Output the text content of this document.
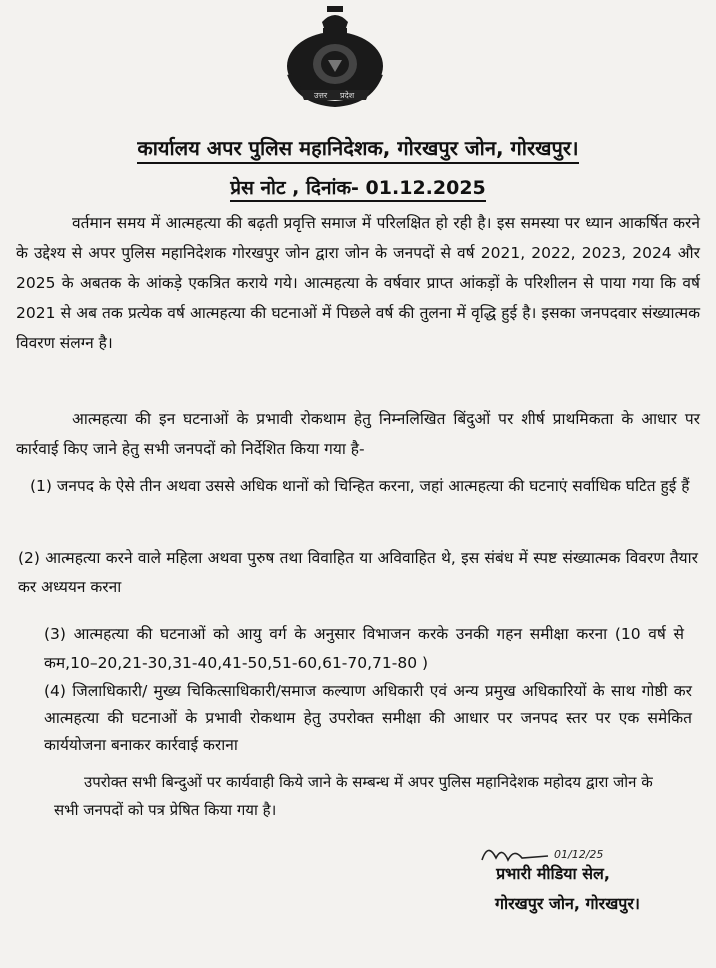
उत्तर प्रदेश
कार्यालय अपर पुलिस महानिदेशक, गोरखपुर जोन, गोरखपुर।
प्रेस नोट , दिनांक- 01.12.2025
वर्तमान समय में आत्महत्या की बढ़ती प्रवृत्ति समाज में परिलक्षित हो रही है। इस समस्या पर ध्यान आकर्षित करने के उद्देश्य से अपर पुलिस महानिदेशक गोरखपुर जोन द्वारा जोन के जनपदों से वर्ष 2021, 2022, 2023, 2024 और 2025 के अबतक के आंकड़े एकत्रित कराये गये। आत्महत्या के वर्षवार प्राप्त आंकड़ों के परिशीलन से पाया गया कि वर्ष 2021 से अब तक प्रत्येक वर्ष आत्महत्या की घटनाओं में पिछले वर्ष की तुलना में वृद्धि हुई है। इसका जनपदवार संख्यात्मक विवरण संलग्न है।
आत्महत्या की इन घटनाओं के प्रभावी रोकथाम हेतु निम्नलिखित बिंदुओं पर शीर्ष प्राथमिकता के आधार पर कार्रवाई किए जाने हेतु सभी जनपदों को निर्देशित किया गया है-
(1) जनपद के ऐसे तीन अथवा उससे अधिक थानों को चिन्हित करना, जहां आत्महत्या की घटनाएं सर्वाधिक घटित हुई हैं
(2) आत्महत्या करने वाले महिला अथवा पुरुष तथा विवाहित या अविवाहित थे, इस संबंध में स्पष्ट संख्यात्मक विवरण तैयार कर अध्ययन करना
(3) आत्महत्या की घटनाओं को आयु वर्ग के अनुसार विभाजन करके उनकी गहन समीक्षा करना (10 वर्ष से कम,10–20,21-30,31-40,41-50,51-60,61-70,71-80 )
(4) जिलाधिकारी/ मुख्य चिकित्साधिकारी/समाज कल्याण अधिकारी एवं अन्य प्रमुख अधिकारियों के साथ गोष्ठी कर आत्महत्या की घटनाओं के प्रभावी रोकथाम हेतु उपरोक्त समीक्षा की आधार पर जनपद स्तर पर एक समेकित कार्ययोजना बनाकर कार्रवाई कराना
उपरोक्त सभी बिन्दुओं पर कार्यवाही किये जाने के सम्बन्ध में अपर पुलिस महानिदेशक महोदय द्वारा जोन के सभी जनपदों को पत्र प्रेषित किया गया है।
01/12/25
प्रभारी मीडिया सेल,
गोरखपुर जोन, गोरखपुर।
